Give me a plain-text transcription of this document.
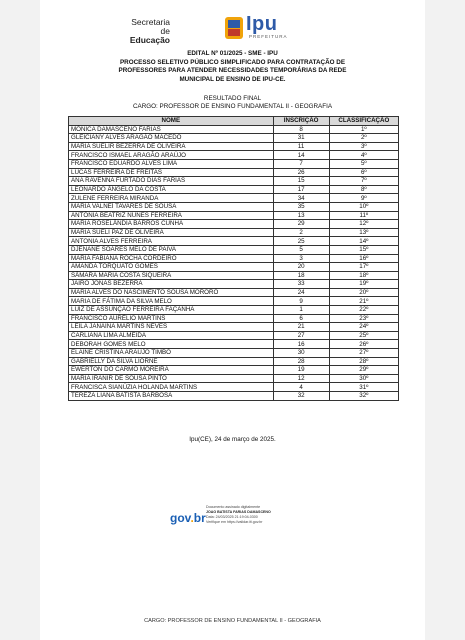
Secretaria de
Educação
Ipu
PREFEITURA
EDITAL Nº 01/2025 - SME - IPU
PROCESSO SELETIVO PÚBLICO SIMPLIFICADO PARA CONTRATAÇÃO DE
PROFESSORES PARA ATENDER NECESSIDADES TEMPORÁRIAS DA REDE
MUNICIPAL DE ENSINO DE IPU-CE.
RESULTADO FINAL
CARGO: PROFESSOR DE ENSINO FUNDAMENTAL II - GEOGRAFIA
NOME	INSCRIÇÃO	CLASSIFICAÇÃO
MÔNICA DAMASCENO FARIAS	8	1º
GLEICIANY ALVES ARAGÃO MACEDO	31	2º
MARIA SUELIR BEZERRA DE OLIVEIRA	11	3º
FRANCISCO ISMAEL ARAGÃO ARAÚJO	14	4º
FRANCISCO EDUARDO ALVES LIMA	7	5º
LUCAS FERREIRA DE FREITAS	26	6º
ANA RAVENNA FURTADO DIAS FARIAS	15	7º
LEONARDO ÂNGELO DA COSTA	17	8º
ZULENE FERREIRA MIRANDA	34	9º
MARIA VALNEÍ TAVARES DE SOUSA	35	10º
ANTÔNIA BEATRIZ NUNES FERREIRA	13	11º
MARIA ROSELÂNDIA BARROS CUNHA	29	12º
MARIA SUELI PAZ DE OLIVEIRA	2	13º
ANTONIA ALVES FERREIRA	25	14º
DJENANE SOARES MELO DE PAIVA	5	15º
MARIA FABIANA ROCHA CORDEIRO	3	16º
AMANDA TORQUATO GOMES	20	17º
SÂMARA MARIA COSTA SIQUEIRA	18	18º
JAIRO JONAS BEZERRA	33	19º
MARIA ALVES DO NASCIMENTO SOUSA MORORÓ	24	20º
MARIA DE FÁTIMA DA SILVA MELO	9	21º
LUIZ DE ASSUNÇÃO FERREIRA FAÇANHA	1	22º
FRANCISCO AURÉLIO MARTINS	6	23º
LEILA JANAINA MARTINS NEVES	21	24º
CARLIANA LIMA ALMEIDA	27	25º
DEBORAH GOMES MELO	16	26º
ELAINE CRISTINA ARAÚJO TIMBÓ	30	27º
GABRIELLY DA SILVA LIORNE	28	28º
EWERTON DO CARMO MOREIRA	19	29º
MARIA IRANIR DE SOUSA PINTO	12	30º
FRANCISCA SIANÚZIA HOLANDA MARTINS	4	31º
TEREZA LIANA BATISTA BARBOSA	32	32º
Ipu(CE), 24 de março de 2025.
gov.br
Documento assinado digitalmente
JOAO BATISTA FARIAS DAMASCENO
Data: 24/03/2025 21:19:04-0300
Verifique em https://validar.iti.gov.br
CARGO: PROFESSOR DE ENSINO FUNDAMENTAL II - GEOGRAFIA
